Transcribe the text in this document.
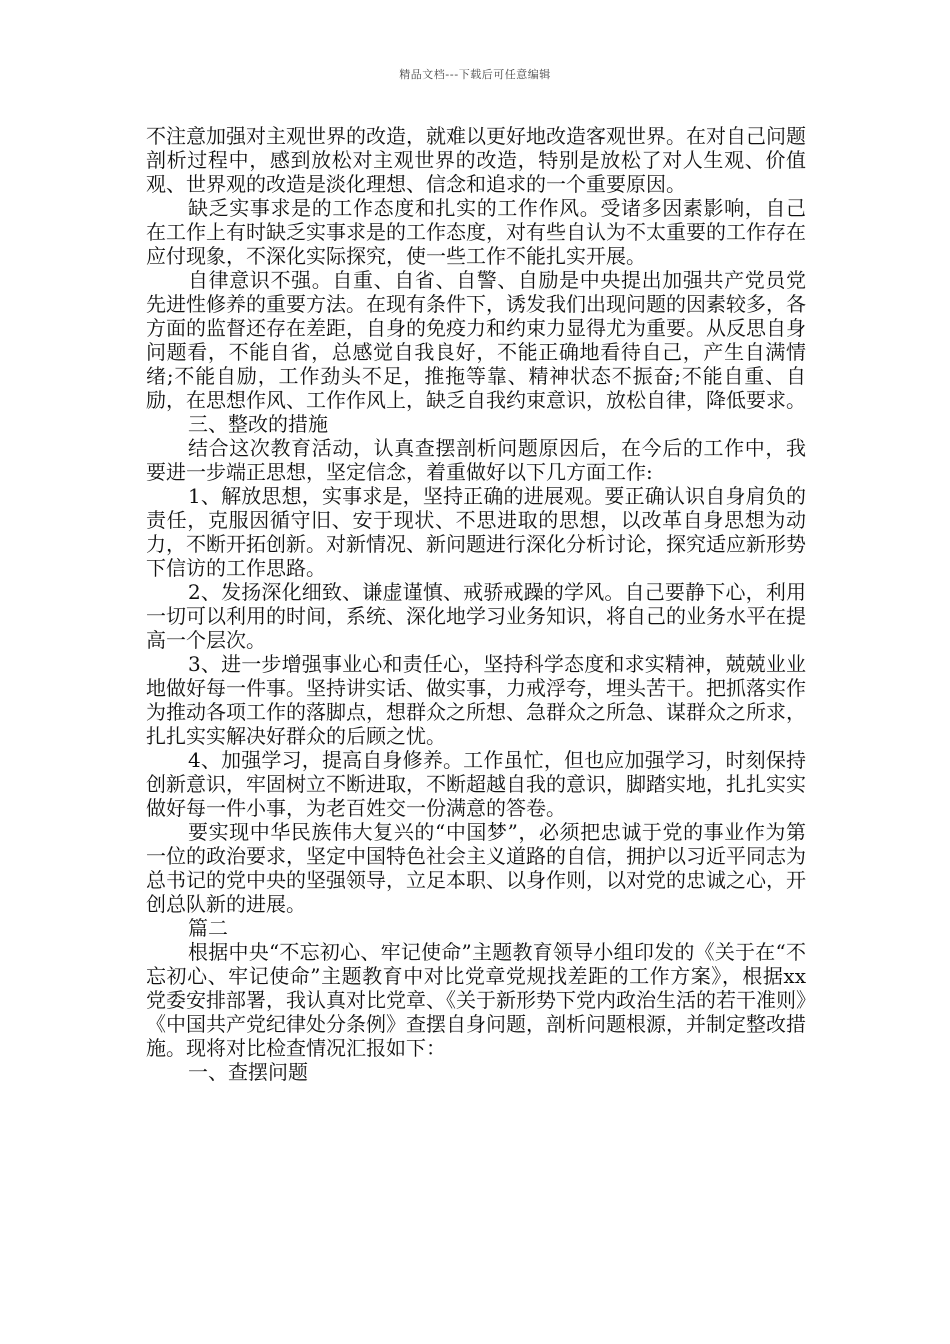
精品文档---下载后可任意编辑

不注意加强对主观世界的改造，就难以更好地改造客观世界。在对自己问题剖析过程中，感到放松对主观世界的改造，特别是放松了对人生观、价值观、世界观的改造是淡化理想、信念和追求的一个重要原因。

缺乏实事求是的工作态度和扎实的工作作风。受诸多因素影响，自己在工作上有时缺乏实事求是的工作态度，对有些自认为不太重要的工作存在应付现象，不深化实际探究，使一些工作不能扎实开展。

自律意识不强。自重、自省、自警、自励是中央提出加强共产党员党先进性修养的重要方法。在现有条件下，诱发我们出现问题的因素较多，各方面的监督还存在差距，自身的免疫力和约束力显得尤为重要。从反思自身问题看，不能自省，总感觉自我良好，不能正确地看待自己，产生自满情绪;不能自励，工作劲头不足，推拖等靠、精神状态不振奋;不能自重、自励，在思想作风、工作作风上，缺乏自我约束意识，放松自律，降低要求。

三、整改的措施

结合这次教育活动，认真查摆剖析问题原因后，在今后的工作中，我要进一步端正思想，坚定信念，着重做好以下几方面工作:

1、解放思想，实事求是，坚持正确的进展观。要正确认识自身肩负的责任，克服因循守旧、安于现状、不思进取的思想，以改革自身思想为动力，不断开拓创新。对新情况、新问题进行深化分析讨论，探究适应新形势下信访的工作思路。

2、发扬深化细致、谦虚谨慎、戒骄戒躁的学风。自己要静下心，利用一切可以利用的时间，系统、深化地学习业务知识，将自己的业务水平在提高一个层次。

3、进一步增强事业心和责任心，坚持科学态度和求实精神，兢兢业业地做好每一件事。坚持讲实话、做实事，力戒浮夸，埋头苦干。把抓落实作为推动各项工作的落脚点，想群众之所想、急群众之所急、谋群众之所求，扎扎实实解决好群众的后顾之忧。

4、加强学习，提高自身修养。工作虽忙，但也应加强学习，时刻保持创新意识，牢固树立不断进取，不断超越自我的意识，脚踏实地，扎扎实实做好每一件小事，为老百姓交一份满意的答卷。

要实现中华民族伟大复兴的“中国梦”，必须把忠诚于党的事业作为第一位的政治要求，坚定中国特色社会主义道路的自信，拥护以习近平同志为总书记的党中央的坚强领导，立足本职、以身作则，以对党的忠诚之心，开创总队新的进展。

篇二

根据中央“不忘初心、牢记使命”主题教育领导小组印发的《关于在“不忘初心、牢记使命”主题教育中对比党章党规找差距的工作方案》，根据xx党委安排部署，我认真对比党章、《关于新形势下党内政治生活的若干准则》《中国共产党纪律处分条例》查摆自身问题，剖析问题根源，并制定整改措施。现将对比检查情况汇报如下：

一、查摆问题
